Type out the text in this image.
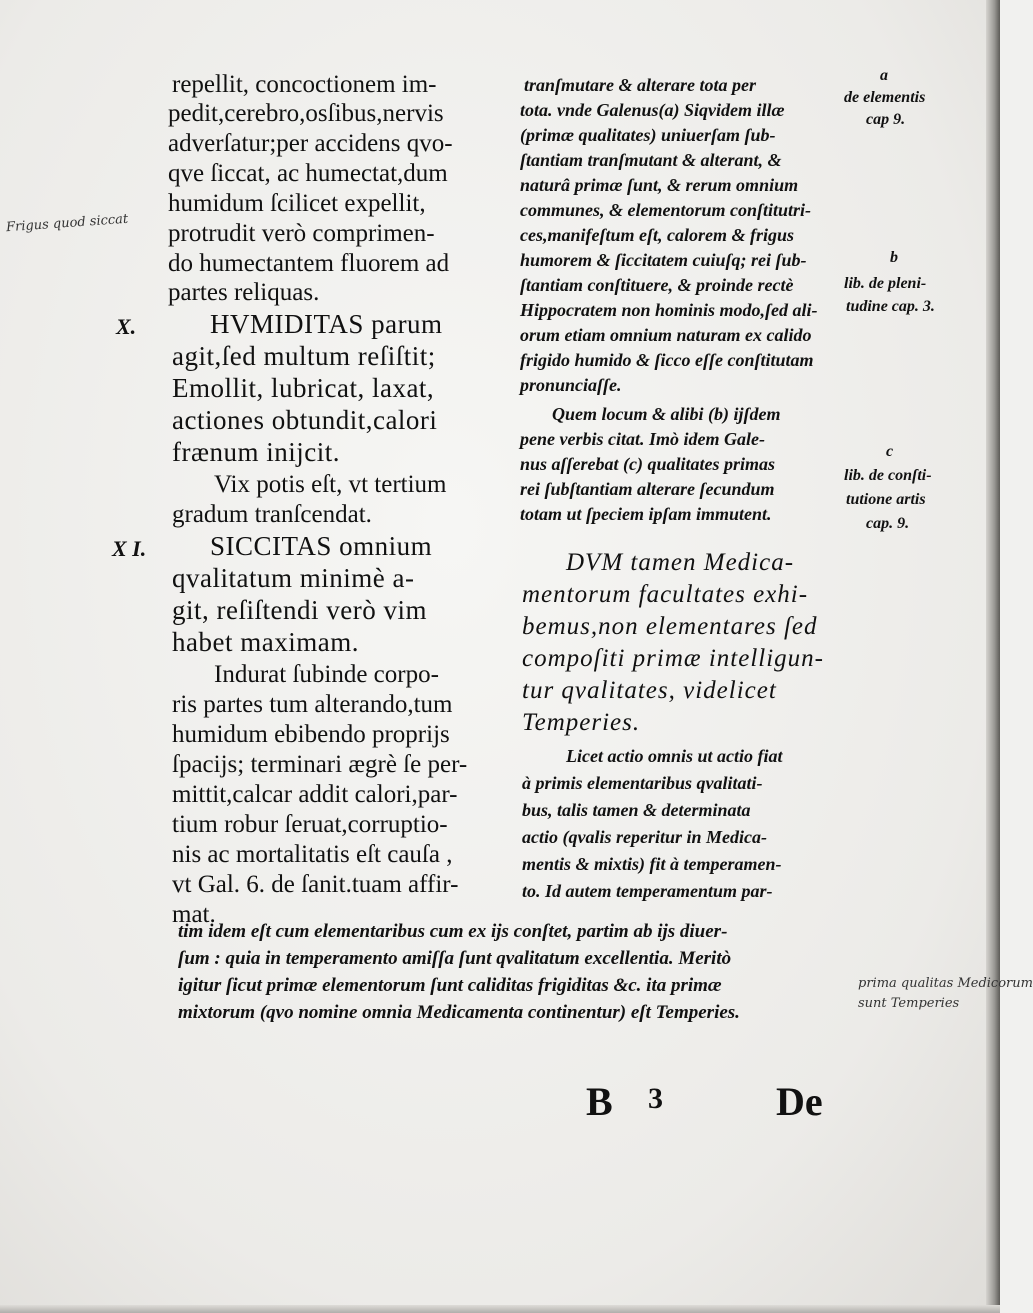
repellit, concoctionem im-
pedit,cerebro,osſibus,nervis
adverſatur;per accidens qvo-
qve ſiccat, ac humectat,dum
humidum ſcilicet expellit,
protrudit verò comprimen-
do humectantem fluorem ad
partes reliquas.
HVMIDITAS parum
agit,ſed multum reſiſtit;
Emollit, lubricat, laxat,
actiones obtundit,calori
frænum inijcit.
Vix potis eſt, vt tertium
gradum tranſcendat.
SICCITAS omnium
qvalitatum minimè a-
git, reſiſtendi verò vim
habet maximam.
Indurat ſubinde corpo-
ris partes tum alterando,tum
humidum ebibendo proprijs
ſpacijs; terminari ægrè ſe per-
mittit,calcar addit calori,par-
tium robur ſeruat,corruptio-
nis ac mortalitatis eſt cauſa ,
vt Gal. 6. de ſanit.tuam affir-
mat.
X.
X I.
tranſmutare & alterare tota per
tota. vnde Galenus(a) Siqvidem illæ
(primæ qualitates) uniuerſam ſub-
ſtantiam tranſmutant & alterant, &
naturâ primæ ſunt, & rerum omnium
communes, & elementorum conſtitutri-
ces,manifeſtum eſt, calorem & frigus
humorem & ſiccitatem cuiuſq; rei ſub-
ſtantiam conſtituere, & proinde rectè
Hippocratem non hominis modo,ſed ali-
orum etiam omnium naturam ex calido
frigido humido & ſicco eſſe conſtitutam
pronunciaſſe.
Quem locum & alibi (b) ijſdem
pene verbis citat. Imò idem Gale-
nus aſſerebat (c) qualitates primas
rei ſubſtantiam alterare ſecundum
totam ut ſpeciem ipſam immutent.
DVM tamen Medica-
mentorum facultates exhi-
bemus,non elementares ſed
compoſiti primæ intelligun-
tur qvalitates, videlicet
Temperies.
Licet actio omnis ut actio fiat
à primis elementaribus qvalitati-
bus, talis tamen & determinata
actio (qvalis reperitur in Medica-
mentis & mixtis) fit à temperamen-
to. Id autem temperamentum par-
tim idem eſt cum elementaribus cum ex ijs conſtet, partim ab ijs diuer-
ſum : quia in temperamento amiſſa ſunt qvalitatum excellentia. Meritò
igitur ſicut primæ elementorum ſunt caliditas frigiditas &c. ita primæ
mixtorum (qvo nomine omnia Medicamenta continentur) eſt Temperies.
a
de elementis
cap 9.
b
lib. de pleni-
tudine cap. 3.
c
lib. de conſti-
tutione artis
cap. 9.
Frigus quod siccat
prima qualitas Medicorum
sunt Temperies
B 3	De
